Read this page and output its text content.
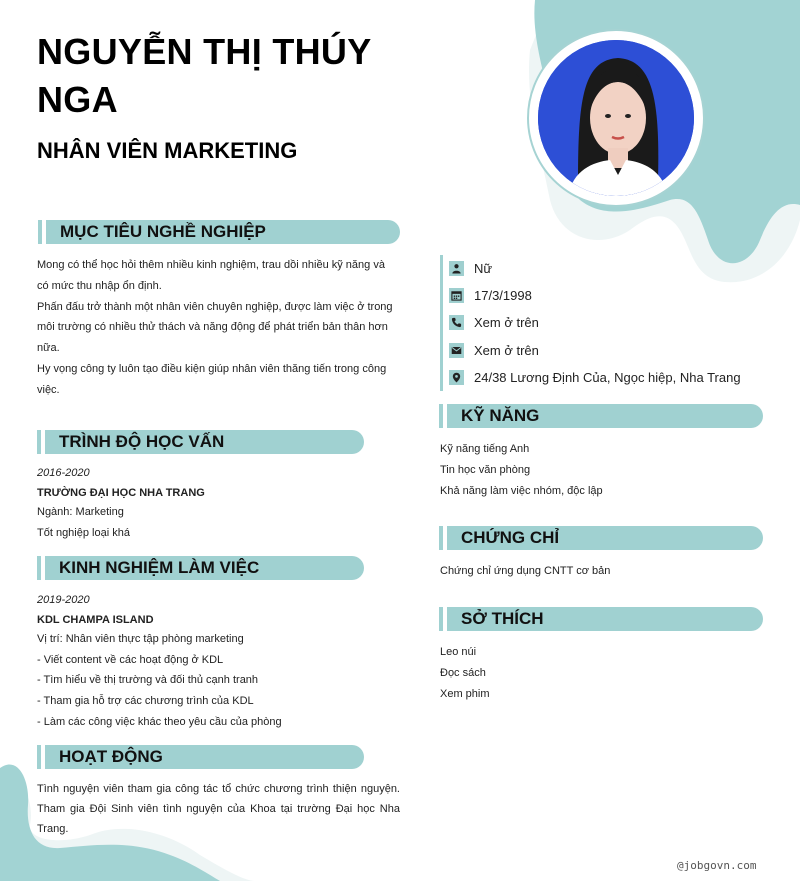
NGUYỄN THỊ THÚY NGA
NHÂN VIÊN MARKETING
MỤC TIÊU NGHỀ NGHIỆP

Mong có thể học hỏi thêm nhiều kinh nghiệm, trau dồi nhiều kỹ năng và có mức thu nhập ổn định.

Phấn đấu trở thành một nhân viên chuyên nghiệp, được làm việc ở trong môi trường có nhiều thử thách và năng động để phát triển bản thân hơn nữa.

Hy vọng công ty luôn tạo điều kiện giúp nhân viên thăng tiến trong công việc.

TRÌNH ĐỘ HỌC VẤN

2016-2020

TRƯỜNG ĐẠI HỌC NHA TRANG

Ngành: Marketing

Tốt nghiệp loại khá

KINH NGHIỆM LÀM VIỆC

2019-2020

KDL CHAMPA ISLAND

Vị trí: Nhân viên thực tập phòng marketing

- Viết content về các hoạt động ở KDL

- Tìm hiểu về thị trường và đối thủ cạnh tranh

- Tham gia hỗ trợ các chương trình của KDL

- Làm các công việc khác theo yêu cầu của phòng

HOẠT ĐỘNG
Tình nguyện viên tham gia công tác tổ chức chương trình thiện nguyện. Tham gia Đội Sinh viên tình nguyện của Khoa tại trường Đại học Nha Trang.
Nữ
17/3/1998
Xem ở trên
Xem ở trên
24/38 Lương Định Của, Ngọc hiệp, Nha Trang
KỸ NĂNG

Kỹ năng tiếng Anh

Tin học văn phòng

Khả năng làm việc nhóm, độc lập

CHỨNG CHỈ

Chứng chỉ ứng dụng CNTT cơ bản

SỞ THÍCH

Leo núi

Đọc sách

Xem phim

@jobgovn.com
